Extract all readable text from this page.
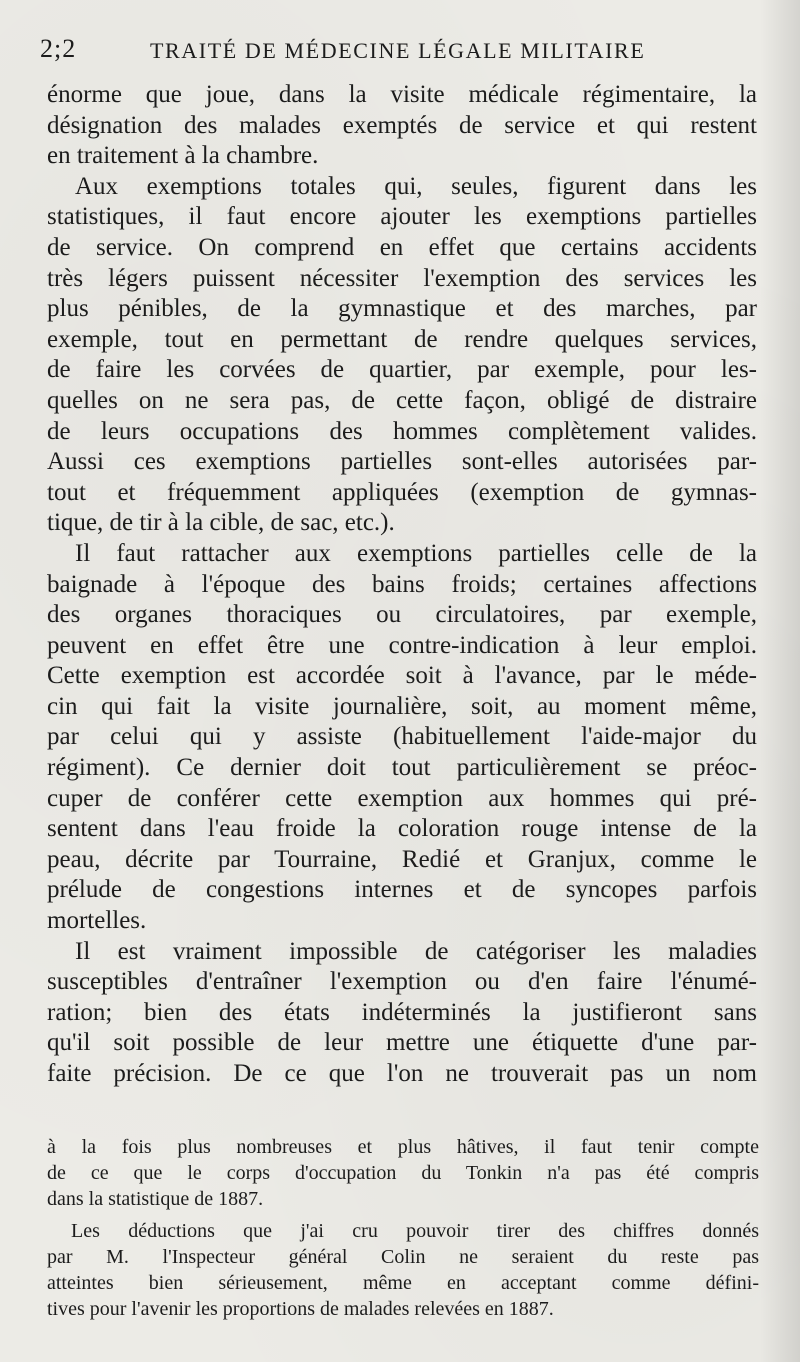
2;2	TRAITÉ DE MÉDECINE LÉGALE MILITAIRE
énorme que joue, dans la visite médicale régimentaire, la
désignation des malades exemptés de service et qui restent
en traitement à la chambre.
Aux exemptions totales qui, seules, figurent dans les
statistiques, il faut encore ajouter les exemptions partielles
de service. On comprend en effet que certains accidents
très légers puissent nécessiter l'exemption des services les
plus pénibles, de la gymnastique et des marches, par
exemple, tout en permettant de rendre quelques services,
de faire les corvées de quartier, par exemple, pour les-
quelles on ne sera pas, de cette façon, obligé de distraire
de leurs occupations des hommes complètement valides.
Aussi ces exemptions partielles sont-elles autorisées par-
tout et fréquemment appliquées (exemption de gymnas-
tique, de tir à la cible, de sac, etc.).
Il faut rattacher aux exemptions partielles celle de la
baignade à l'époque des bains froids; certaines affections
des organes thoraciques ou circulatoires, par exemple,
peuvent en effet être une contre-indication à leur emploi.
Cette exemption est accordée soit à l'avance, par le méde-
cin qui fait la visite journalière, soit, au moment même,
par celui qui y assiste (habituellement l'aide-major du
régiment). Ce dernier doit tout particulièrement se préoc-
cuper de conférer cette exemption aux hommes qui pré-
sentent dans l'eau froide la coloration rouge intense de la
peau, décrite par Tourraine, Redié et Granjux, comme le
prélude de congestions internes et de syncopes parfois
mortelles.
Il est vraiment impossible de catégoriser les maladies
susceptibles d'entraîner l'exemption ou d'en faire l'énumé-
ration; bien des états indéterminés la justifieront sans
qu'il soit possible de leur mettre une étiquette d'une par-
faite précision. De ce que l'on ne trouverait pas un nom
à la fois plus nombreuses et plus hâtives, il faut tenir compte
de ce que le corps d'occupation du Tonkin n'a pas été compris
dans la statistique de 1887.
Les déductions que j'ai cru pouvoir tirer des chiffres donnés
par M. l'Inspecteur général Colin ne seraient du reste pas
atteintes bien sérieusement, même en acceptant comme défini-
tives pour l'avenir les proportions de malades relevées en 1887.
